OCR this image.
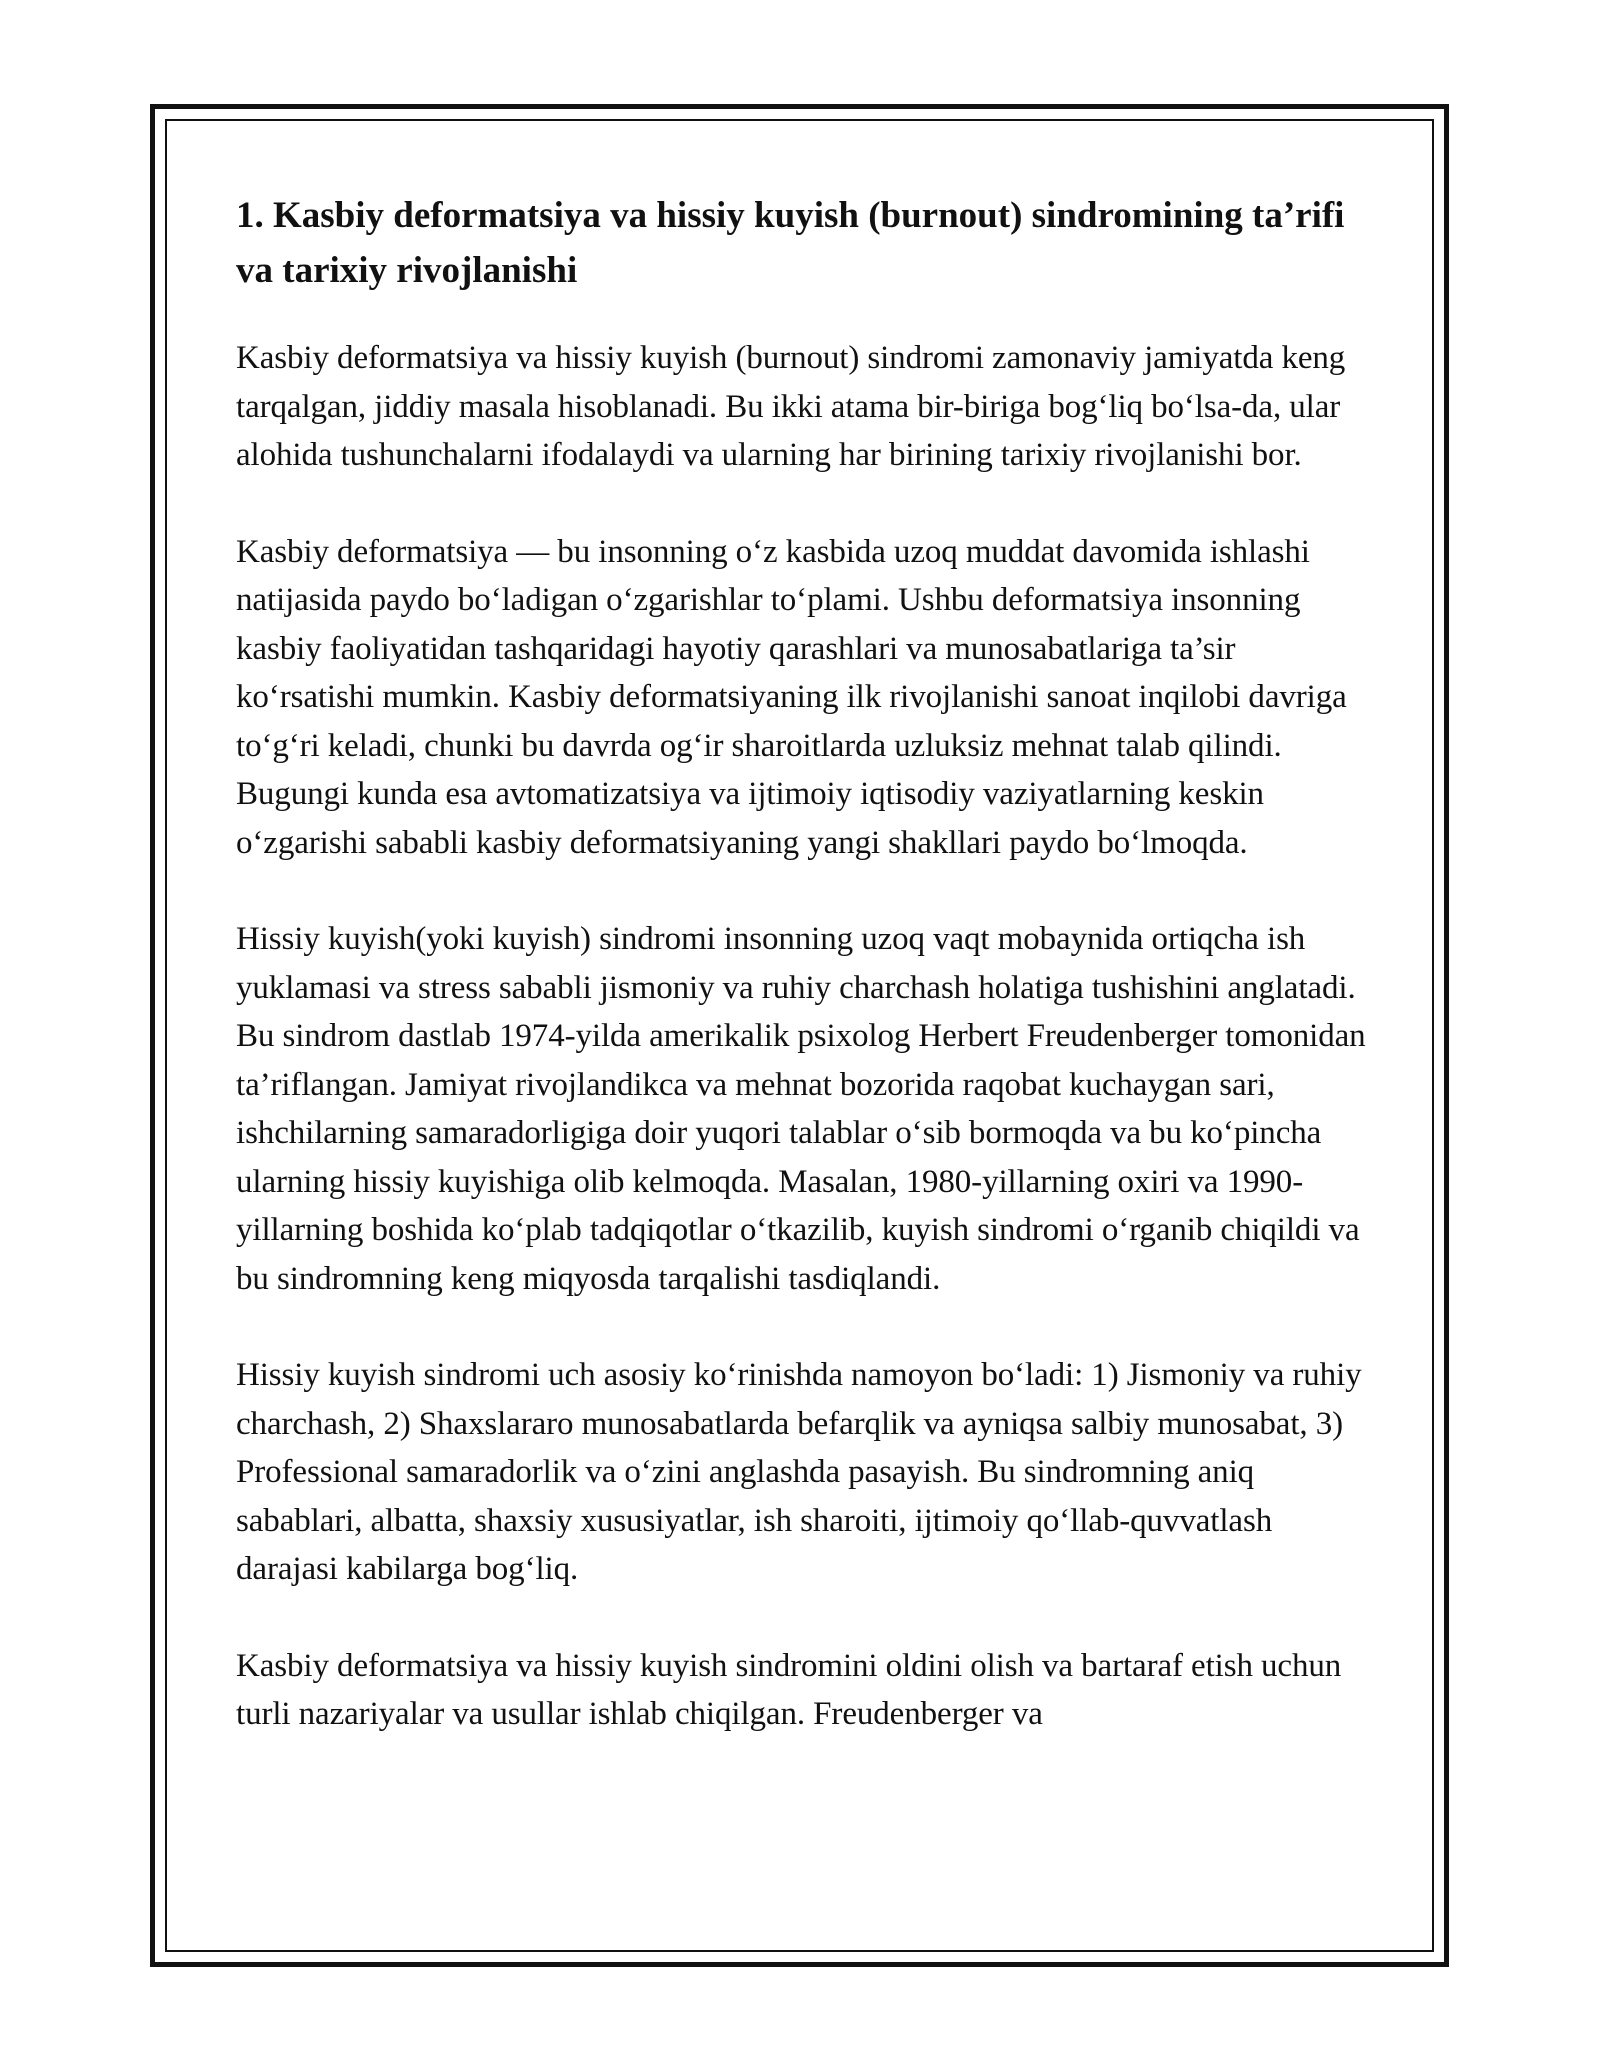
1. Kasbiy deformatsiya va hissiy kuyish (burnout) sindromining ta’rifi va tarixiy rivojlanishi

Kasbiy deformatsiya va hissiy kuyish (burnout) sindromi zamonaviy jamiyatda keng tarqalgan, jiddiy masala hisoblanadi. Bu ikki atama bir-biriga bog‘liq bo‘lsa-da, ular alohida tushunchalarni ifodalaydi va ularning har birining tarixiy rivojlanishi bor.

Kasbiy deformatsiya — bu insonning o‘z kasbida uzoq muddat davomida ishlashi natijasida paydo bo‘ladigan o‘zgarishlar to‘plami. Ushbu deformatsiya insonning kasbiy faoliyatidan tashqaridagi hayotiy qarashlari va munosabatlariga ta’sir ko‘rsatishi mumkin. Kasbiy deformatsiyaning ilk rivojlanishi sanoat inqilobi davriga to‘g‘ri keladi, chunki bu davrda og‘ir sharoitlarda uzluksiz mehnat talab qilindi. Bugungi kunda esa avtomatizatsiya va ijtimoiy iqtisodiy vaziyatlarning keskin o‘zgarishi sababli kasbiy deformatsiyaning yangi shakllari paydo bo‘lmoqda.

Hissiy kuyish(yoki kuyish) sindromi insonning uzoq vaqt mobaynida ortiqcha ish yuklamasi va stress sababli jismoniy va ruhiy charchash holatiga tushishini anglatadi. Bu sindrom dastlab 1974-yilda amerikalik psixolog Herbert Freudenberger tomonidan ta’riflangan. Jamiyat rivojlandikca va mehnat bozorida raqobat kuchaygan sari, ishchilarning samaradorligiga doir yuqori talablar o‘sib bormoqda va bu ko‘pincha ularning hissiy kuyishiga olib kelmoqda. Masalan, 1980-yillarning oxiri va 1990-yillarning boshida ko‘plab tadqiqotlar o‘tkazilib, kuyish sindromi o‘rganib chiqildi va bu sindromning keng miqyosda tarqalishi tasdiqlandi.

Hissiy kuyish sindromi uch asosiy ko‘rinishda namoyon bo‘ladi: 1) Jismoniy va ruhiy charchash, 2) Shaxslararo munosabatlarda befarqlik va ayniqsa salbiy munosabat, 3) Professional samaradorlik va o‘zini anglashda pasayish. Bu sindromning aniq sabablari, albatta, shaxsiy xususiyatlar, ish sharoiti, ijtimoiy qo‘llab-quvvatlash darajasi kabilarga bog‘liq.

Kasbiy deformatsiya va hissiy kuyish sindromini oldini olish va bartaraf etish uchun turli nazariyalar va usullar ishlab chiqilgan. Freudenberger va
